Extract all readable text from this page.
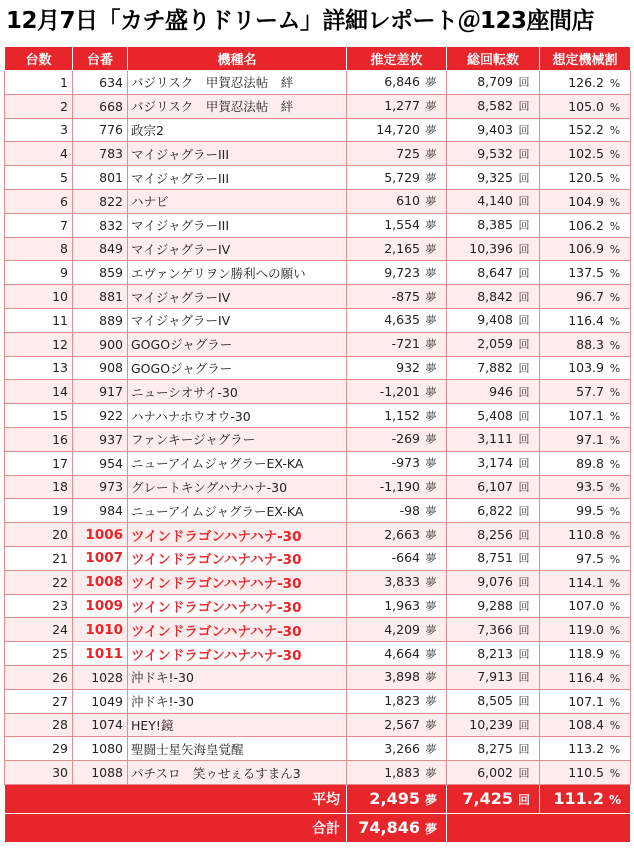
12月7日「カチ盛りドリーム」詳細レポート＠123座間店
台数	台番	機種名	推定差枚	総回転数	想定機械割
1	634	バジリスク　甲賀忍法帖　絆	6,846 夢	8,709 回	126.2 %
2	668	バジリスク　甲賀忍法帖　絆	1,277 夢	8,582 回	105.0 %
3	776	政宗2	14,720 夢	9,403 回	152.2 %
4	783	マイジャグラーIII	725 夢	9,532 回	102.5 %
5	801	マイジャグラーIII	5,729 夢	9,325 回	120.5 %
6	822	ハナビ	610 夢	4,140 回	104.9 %
7	832	マイジャグラーIII	1,554 夢	8,385 回	106.2 %
8	849	マイジャグラーIV	2,165 夢	10,396 回	106.9 %
9	859	エヴァンゲリヲン勝利への願い	9,723 夢	8,647 回	137.5 %
10	881	マイジャグラーIV	-875 夢	8,842 回	96.7 %
11	889	マイジャグラーIV	4,635 夢	9,408 回	116.4 %
12	900	GOGOジャグラー	-721 夢	2,059 回	88.3 %
13	908	GOGOジャグラー	932 夢	7,882 回	103.9 %
14	917	ニューシオサイ-30	-1,201 夢	946 回	57.7 %
15	922	ハナハナホウオウ-30	1,152 夢	5,408 回	107.1 %
16	937	ファンキージャグラー	-269 夢	3,111 回	97.1 %
17	954	ニューアイムジャグラーEX-KA	-973 夢	3,174 回	89.8 %
18	973	グレートキングハナハナ-30	-1,190 夢	6,107 回	93.5 %
19	984	ニューアイムジャグラーEX-KA	-98 夢	6,822 回	99.5 %
20	1006	ツインドラゴンハナハナ-30	2,663 夢	8,256 回	110.8 %
21	1007	ツインドラゴンハナハナ-30	-664 夢	8,751 回	97.5 %
22	1008	ツインドラゴンハナハナ-30	3,833 夢	9,076 回	114.1 %
23	1009	ツインドラゴンハナハナ-30	1,963 夢	9,288 回	107.0 %
24	1010	ツインドラゴンハナハナ-30	4,209 夢	7,366 回	119.0 %
25	1011	ツインドラゴンハナハナ-30	4,664 夢	8,213 回	118.9 %
26	1028	沖ドキ!-30	3,898 夢	7,913 回	116.4 %
27	1049	沖ドキ!-30	1,823 夢	8,505 回	107.1 %
28	1074	HEY!鏡	2,567 夢	10,239 回	108.4 %
29	1080	聖闘士星矢海皇覚醒	3,266 夢	8,275 回	113.2 %
30	1088	パチスロ　笑ゥせぇるすまん3	1,883 夢	6,002 回	110.5 %
平均			2,495 夢	7,425 回	111.2 %
合計			74,846 夢		
